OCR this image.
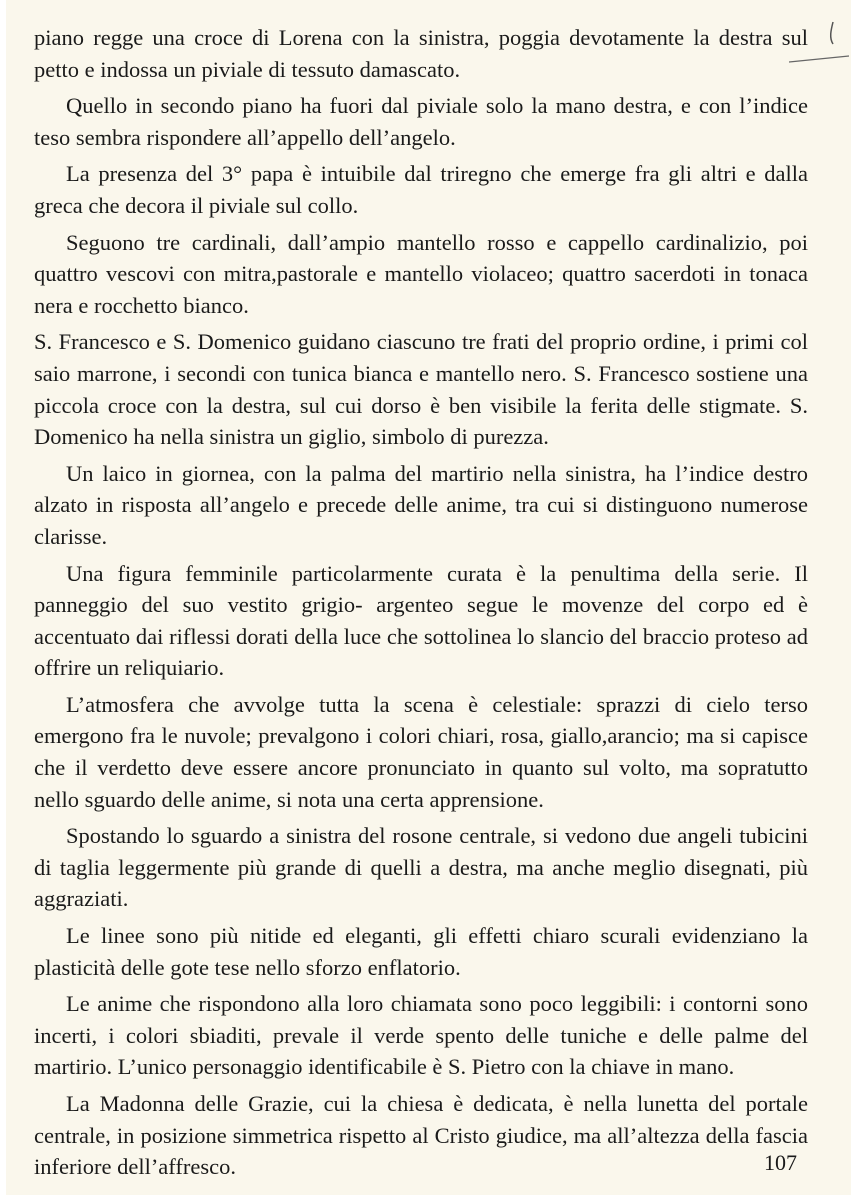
piano regge una croce di Lorena con la sinistra, poggia devotamente la destra sul petto e indossa un piviale di tessuto damascato.

Quello in secondo piano ha fuori dal piviale solo la mano destra, e con l’indice teso sembra rispondere all’appello dell’angelo.

La presenza del 3° papa è intuibile dal triregno che emerge fra gli altri e dalla greca che decora il piviale sul collo.

Seguono tre cardinali, dall’ampio mantello rosso e cappello cardinalizio, poi quattro vescovi con mitra,pastorale e mantello violaceo; quattro sacerdoti in tonaca nera e rocchetto bianco.

S. Francesco e S. Domenico guidano ciascuno tre frati del proprio ordine, i primi col saio marrone, i secondi con tunica bianca e mantello nero. S. Francesco sostiene una piccola croce con la destra, sul cui dorso è ben visibile la ferita delle stigmate. S. Domenico ha nella sinistra un giglio, simbolo di purezza.

Un laico in giornea, con la palma del martirio nella sinistra, ha l’indice destro alzato in risposta all’angelo e precede delle anime, tra cui si distinguono numerose clarisse.

Una figura femminile particolarmente curata è la penultima della serie. Il panneggio del suo vestito grigio- argenteo segue le movenze del corpo ed è accentuato dai riflessi dorati della luce che sottolinea lo slancio del braccio proteso ad offrire un reliquiario.

L’atmosfera che avvolge tutta la scena è celestiale: sprazzi di cielo terso emergono fra le nuvole; prevalgono i colori chiari, rosa, giallo,arancio; ma si capisce che il verdetto deve essere ancore pronunciato in quanto sul volto, ma sopratutto nello sguardo delle anime, si nota una certa apprensione.

Spostando lo sguardo a sinistra del rosone centrale, si vedono due angeli tubicini di taglia leggermente più grande di quelli a destra, ma anche meglio disegnati, più aggraziati.

Le linee sono più nitide ed eleganti, gli effetti chiaro scurali evidenziano la plasticità delle gote tese nello sforzo enflatorio.

Le anime che rispondono alla loro chiamata sono poco leggibili: i contorni sono incerti, i colori sbiaditi, prevale il verde spento delle tuniche e delle palme del martirio. L’unico personaggio identificabile è S. Pietro con la chiave in mano.

La Madonna delle Grazie, cui la chiesa è dedicata, è nella lunetta del portale centrale, in posizione simmetrica rispetto al Cristo giudice, ma all’altezza della fascia inferiore dell’affresco.	107
